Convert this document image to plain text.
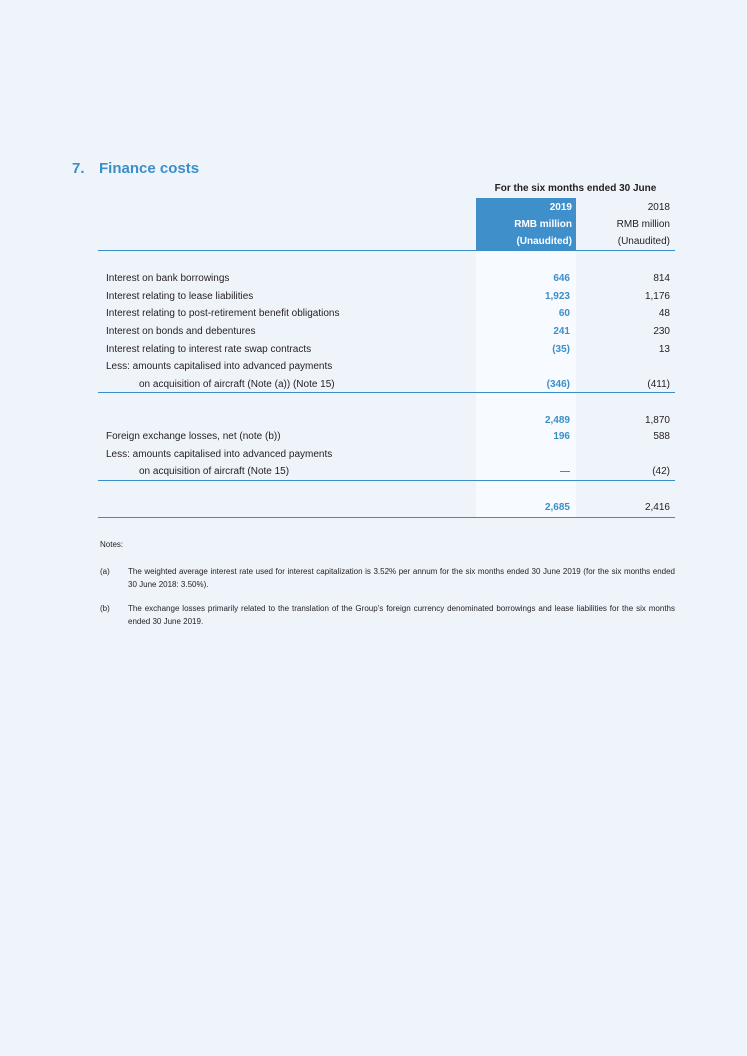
7. Finance costs
For the six months ended 30 June
2019	2018
RMB million	RMB million
(Unaudited)	(Unaudited)
Interest on bank borrowings	646	814
Interest relating to lease liabilities	1,923	1,176
Interest relating to post-retirement benefit obligations	60	48
Interest on bonds and debentures	241	230
Interest relating to interest rate swap contracts	(35)	13
Less: amounts capitalised into advanced payments
on acquisition of aircraft (Note (a)) (Note 15)	(346)	(411)
2,489	1,870
Foreign exchange losses, net (note (b))	196	588
Less: amounts capitalised into advanced payments
on acquisition of aircraft (Note 15)	—	(42)
2,685	2,416
Notes:
(a) The weighted average interest rate used for interest capitalization is 3.52% per annum for the six months ended 30 June 2019 (for the six months ended 30 June 2018: 3.50%).
(b) The exchange losses primarily related to the translation of the Group’s foreign currency denominated borrowings and lease liabilities for the six months ended 30 June 2019.
